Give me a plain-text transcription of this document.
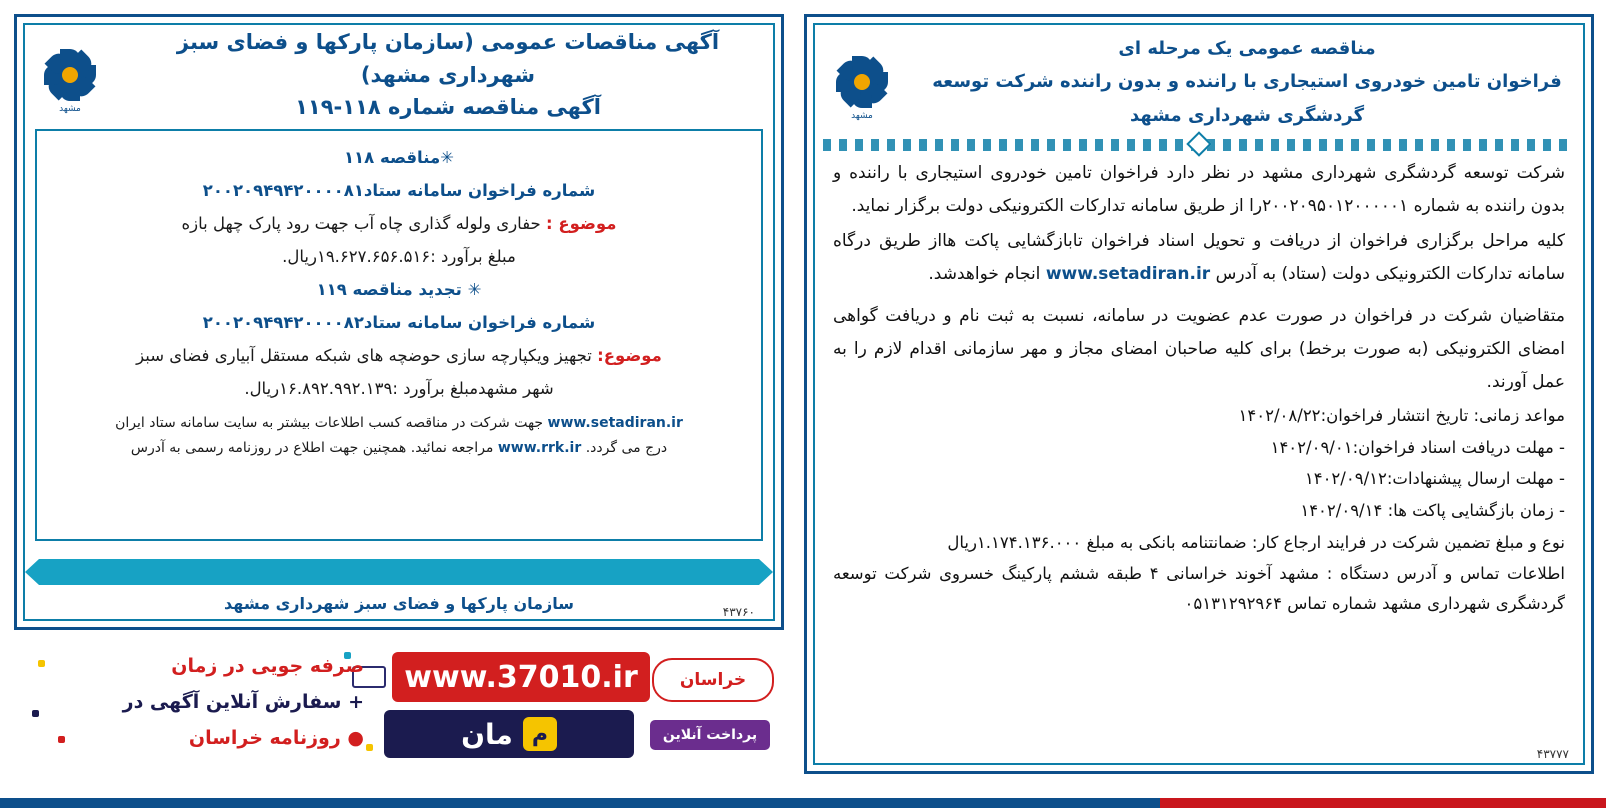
مشهد
آگهی مناقصات عمومی (سازمان پارکها و فضای سبز شهرداری مشهد)
آگهی مناقصه شماره ۱۱۸-۱۱۹
✳مناقصه ۱۱۸
شماره فراخوان سامانه ستاد۲۰۰۲۰۹۴۹۴۲۰۰۰۰۸۱
موضوع : حفاری ولوله گذاری چاه آب جهت رود پارک چهل بازه
مبلغ برآورد :۱۹.۶۲۷.۶۵۶.۵۱۶ریال.
✳ تجدید مناقصه ۱۱۹
شماره فراخوان سامانه ستاد۲۰۰۲۰۹۴۹۴۲۰۰۰۰۸۲
موضوع: تجهیز ویکپارچه سازی حوضچه های شبکه مستقل آبیاری فضای سبز
شهر مشهدمبلغ برآورد :۱۶.۸۹۲.۹۹۲.۱۳۹ریال.
www.setadiran.ir جهت شرکت در مناقصه کسب اطلاعات بیشتر به سایت سامانه ستاد ایران
درج می گردد. www.rrk.ir مراجعه نمائید. همچنین جهت اطلاع در روزنامه رسمی به آدرس
سازمان پارکها و فضای سبز شهرداری مشهد	۴۳۷۶۰
خراسان
www.37010.ir
م
مان	پرداخت آنلاین
صرفه جویی در زمان
+ سفارش آنلاین آگهی در
● روزنامه خراسان
مشهد
مناقصه عمومی یک مرحله ای
فراخوان تامین خودروی استیجاری با راننده و بدون راننده شرکت توسعه
گردشگری شهرداری مشهد

شرکت توسعه گردشگری شهرداری مشهد در نظر دارد فراخوان تامین خودروی استیجاری با راننده و بدون راننده به شماره ۲۰۰۲۰۹۵۰۱۲۰۰۰۰۰۱را از طریق سامانه تدارکات الکترونیکی دولت برگزار نماید.

کلیه مراحل برگزاری فراخوان از دریافت و تحویل اسناد فراخوان تابازگشایی پاکت هااز طریق درگاه سامانه تدارکات الکترونیکی دولت (ستاد) به آدرس www.setadiran.ir انجام خواهدشد.

متقاضیان شرکت در فراخوان در صورت عدم عضویت در سامانه، نسبت به ثبت نام و دریافت گواهی امضای الکترونیکی (به صورت برخط) برای کلیه صاحبان امضای مجاز و مهر سازمانی اقدام لازم را به عمل آورند.

مواعد زمانی: تاریخ انتشار فراخوان:۱۴۰۲/۰۸/۲۲

- مهلت دریافت اسناد فراخوان:۱۴۰۲/۰۹/۰۱

- مهلت ارسال پیشنهادات:۱۴۰۲/۰۹/۱۲

- زمان بازگشایی پاکت ها: ۱۴۰۲/۰۹/۱۴

نوع و مبلغ تضمین شرکت در فرایند ارجاع کار: ضمانتنامه بانکی به مبلغ ۱.۱۷۴.۱۳۶.۰۰۰ریال

اطلاعات تماس و آدرس دستگاه : مشهد آخوند خراسانی ۴ طبقه ششم پارکینگ خسروی شرکت توسعه گردشگری شهرداری مشهد شماره تماس ۰۵۱۳۱۲۹۲۹۶۴

۴۳۷۷۷
